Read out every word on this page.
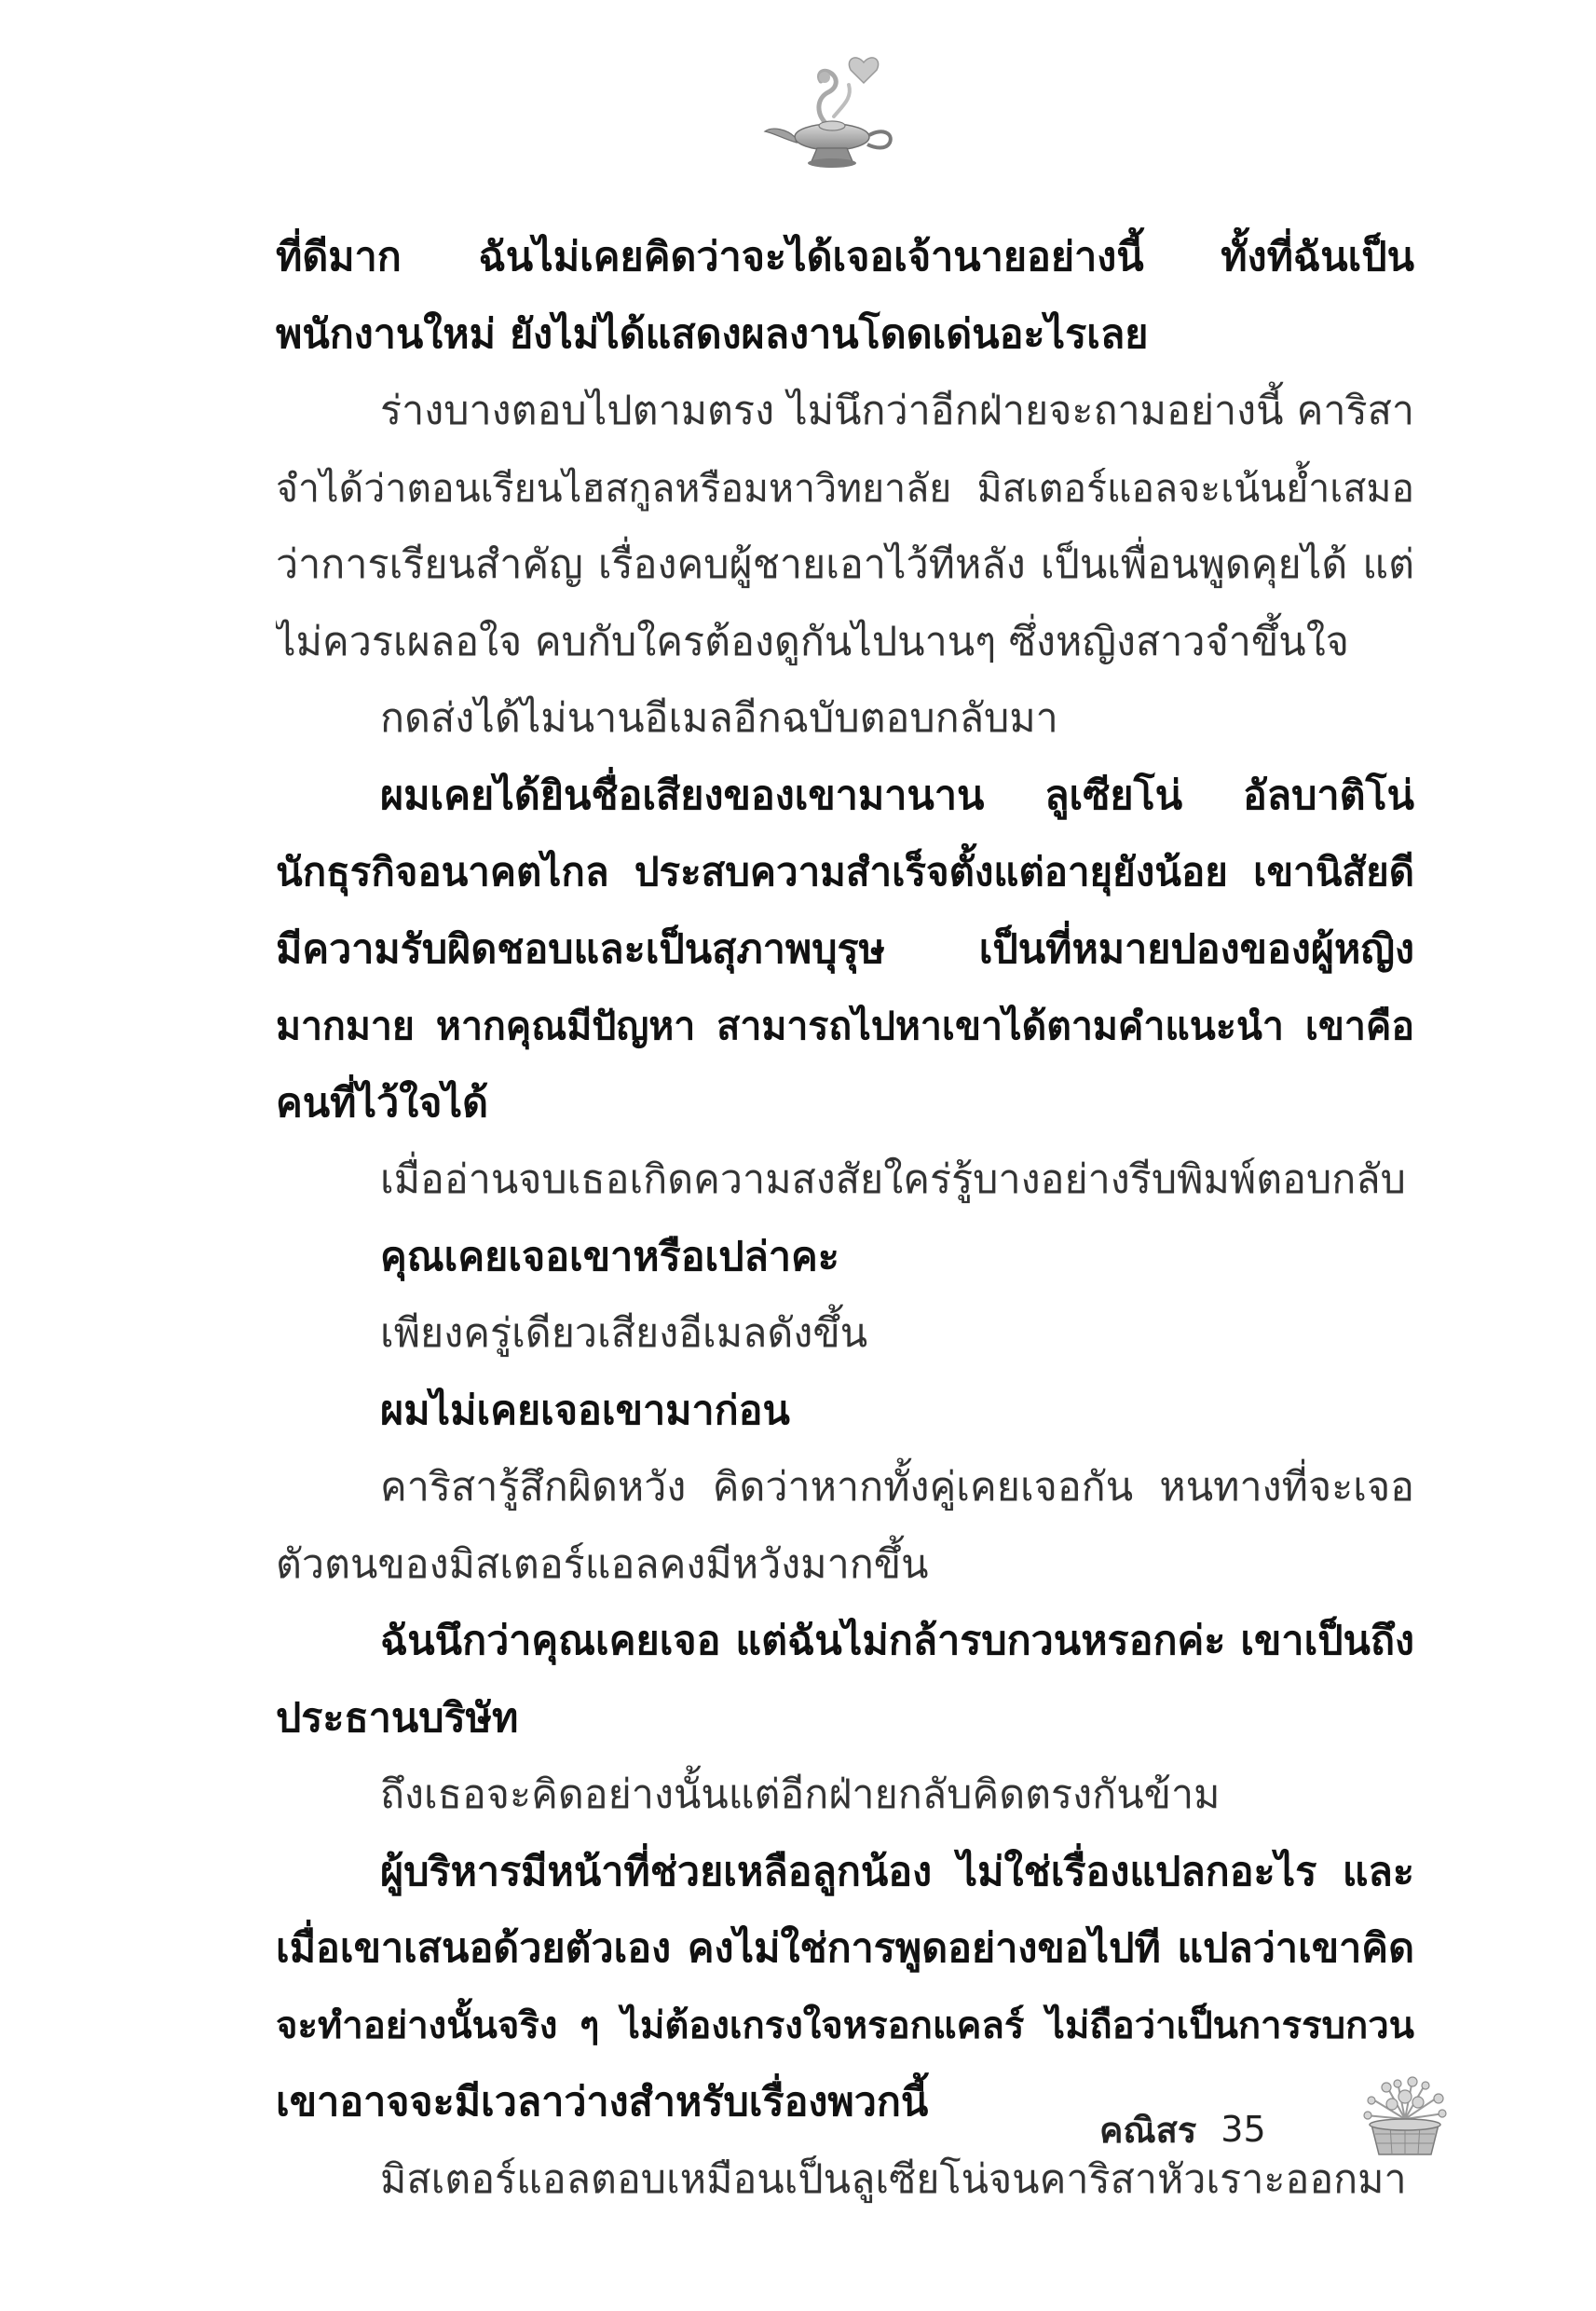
ที่ดีมาก ฉันไม่เคยคิดว่าจะได้เจอเจ้านายอย่างนี้ ทั้งที่ฉันเป็น
พนักงานใหม่ ยังไม่ได้แสดงผลงานโดดเด่นอะไรเลย
ร่างบางตอบไปตามตรง ไม่นึกว่าอีกฝ่ายจะถามอย่างนี้ คาริสา
จำได้ว่าตอนเรียนไฮสกูลหรือมหาวิทยาลัย มิสเตอร์แอลจะเน้นย้ำเสมอ
ว่าการเรียนสำคัญ เรื่องคบผู้ชายเอาไว้ทีหลัง เป็นเพื่อนพูดคุยได้ แต่
ไม่ควรเผลอใจ คบกับใครต้องดูกันไปนานๆ ซึ่งหญิงสาวจำขึ้นใจ
กดส่งได้ไม่นานอีเมลอีกฉบับตอบกลับมา
ผมเคยได้ยินชื่อเสียงของเขามานาน ลูเซียโน่ อัลบาติโน่
นักธุรกิจอนาคตไกล ประสบความสำเร็จตั้งแต่อายุยังน้อย เขานิสัยดี
มีความรับผิดชอบและเป็นสุภาพบุรุษ เป็นที่หมายปองของผู้หญิง
มากมาย หากคุณมีปัญหา สามารถไปหาเขาได้ตามคำแนะนำ เขาคือ
คนที่ไว้ใจได้
เมื่ออ่านจบเธอเกิดความสงสัยใคร่รู้บางอย่างรีบพิมพ์ตอบกลับ
คุณเคยเจอเขาหรือเปล่าคะ
เพียงครู่เดียวเสียงอีเมลดังขึ้น
ผมไม่เคยเจอเขามาก่อน
คาริสารู้สึกผิดหวัง คิดว่าหากทั้งคู่เคยเจอกัน หนทางที่จะเจอ
ตัวตนของมิสเตอร์แอลคงมีหวังมากขึ้น
ฉันนึกว่าคุณเคยเจอ แต่ฉันไม่กล้ารบกวนหรอกค่ะ เขาเป็นถึง
ประธานบริษัท
ถึงเธอจะคิดอย่างนั้นแต่อีกฝ่ายกลับคิดตรงกันข้าม
ผู้บริหารมีหน้าที่ช่วยเหลือลูกน้อง ไม่ใช่เรื่องแปลกอะไร และ
เมื่อเขาเสนอด้วยตัวเอง คงไม่ใช่การพูดอย่างขอไปที แปลว่าเขาคิด
จะทำอย่างนั้นจริง ๆ ไม่ต้องเกรงใจหรอกแคลร์ ไม่ถือว่าเป็นการรบกวน
เขาอาจจะมีเวลาว่างสำหรับเรื่องพวกนี้
มิสเตอร์แอลตอบเหมือนเป็นลูเซียโน่จนคาริสาหัวเราะออกมา
คณิสร 35
